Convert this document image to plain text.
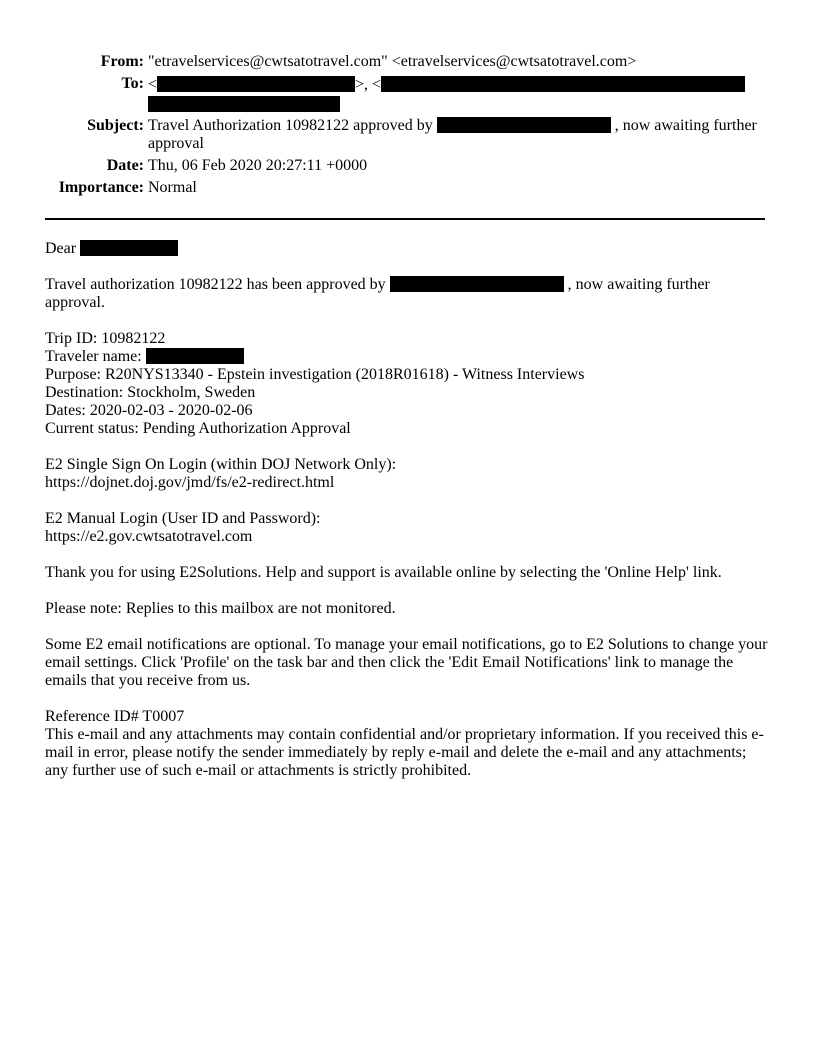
From: "etravelservices@cwtsatotravel.com" <etravelservices@cwtsatotravel.com>
To: <	>, <

Subject: Travel Authorization 10982122 approved by	, now awaiting further approval
Date: Thu, 06 Feb 2020 20:27:11 +0000
Importance: Normal

Dear

Travel authorization 10982122 has been approved by	, now awaiting further approval.

Trip ID: 10982122
Traveler name:
Purpose: R20NYS13340 - Epstein investigation (2018R01618) - Witness Interviews
Destination: Stockholm, Sweden
Dates: 2020-02-03 - 2020-02-06
Current status: Pending Authorization Approval

E2 Single Sign On Login (within DOJ Network Only):
https://dojnet.doj.gov/jmd/fs/e2-redirect.html

E2 Manual Login (User ID and Password):
https://e2.gov.cwtsatotravel.com

Thank you for using E2Solutions. Help and support is available online by selecting the 'Online Help' link.

Please note: Replies to this mailbox are not monitored.

Some E2 email notifications are optional. To manage your email notifications, go to E2 Solutions to change your email settings. Click 'Profile' on the task bar and then click the 'Edit Email Notifications' link to manage the emails that you receive from us.

Reference ID# T0007
This e-mail and any attachments may contain confidential and/or proprietary information. If you received this e-mail in error, please notify the sender immediately by reply e-mail and delete the e-mail and any attachments; any further use of such e-mail or attachments is strictly prohibited.
